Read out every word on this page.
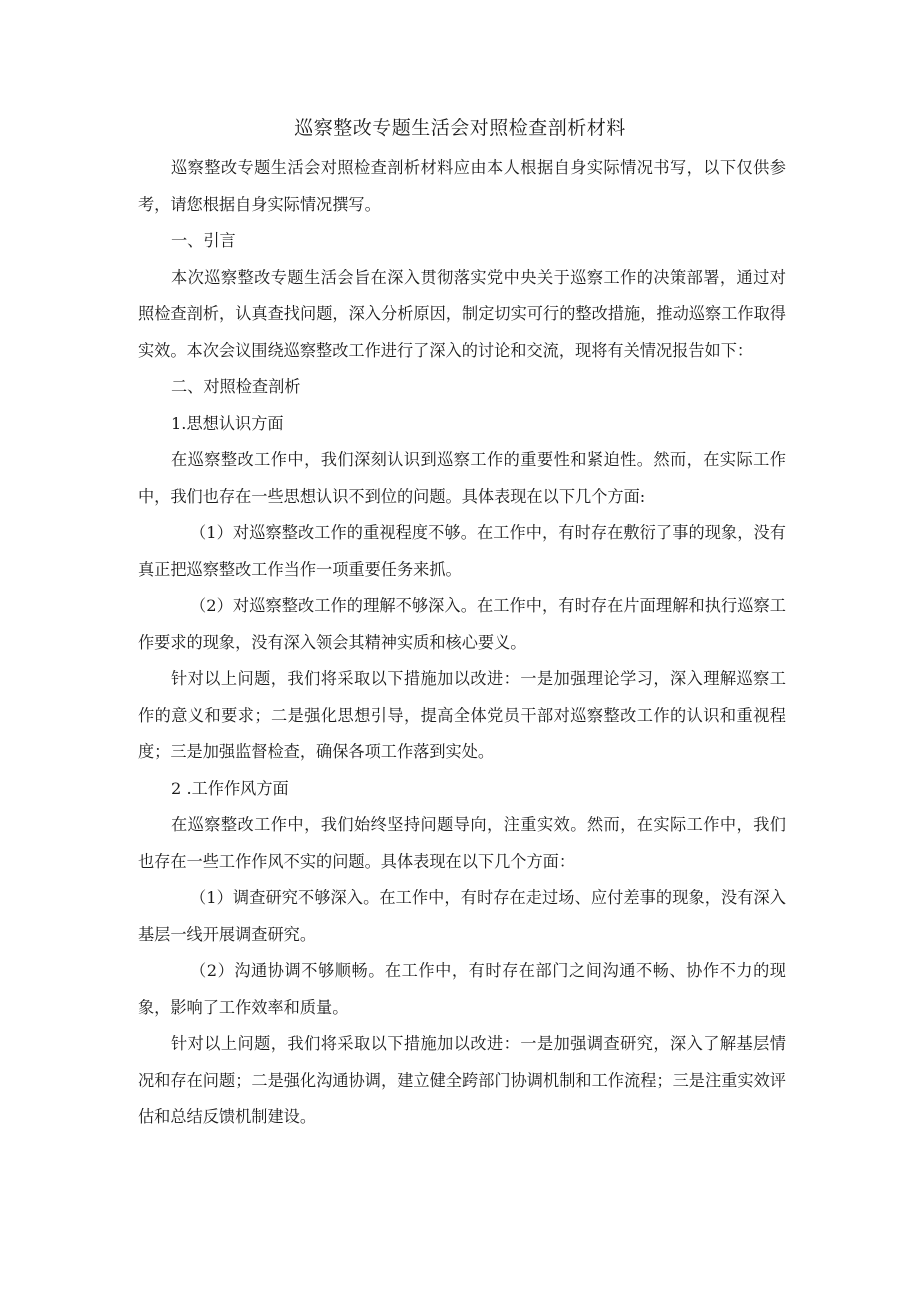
巡察整改专题生活会对照检查剖析材料

巡察整改专题生活会对照检查剖析材料应由本人根据自身实际情况书写，以下仅供参考，请您根据自身实际情况撰写。

一、引言

本次巡察整改专题生活会旨在深入贯彻落实党中央关于巡察工作的决策部署，通过对照检查剖析，认真查找问题，深入分析原因，制定切实可行的整改措施，推动巡察工作取得实效。本次会议围绕巡察整改工作进行了深入的讨论和交流，现将有关情况报告如下：

二、对照检查剖析

1.思想认识方面

在巡察整改工作中，我们深刻认识到巡察工作的重要性和紧迫性。然而，在实际工作中，我们也存在一些思想认识不到位的问题。具体表现在以下几个方面:

（1）对巡察整改工作的重视程度不够。在工作中，有时存在敷衍了事的现象，没有真正把巡察整改工作当作一项重要任务来抓。

（2）对巡察整改工作的理解不够深入。在工作中，有时存在片面理解和执行巡察工作要求的现象，没有深入领会其精神实质和核心要义。

针对以上问题，我们将采取以下措施加以改进：一是加强理论学习，深入理解巡察工作的意义和要求；二是强化思想引导，提高全体党员干部对巡察整改工作的认识和重视程度；三是加强监督检查，确保各项工作落到实处。

2 .工作作风方面

在巡察整改工作中，我们始终坚持问题导向，注重实效。然而，在实际工作中，我们也存在一些工作作风不实的问题。具体表现在以下几个方面：

（1）调查研究不够深入。在工作中，有时存在走过场、应付差事的现象，没有深入基层一线开展调查研究。

（2）沟通协调不够顺畅。在工作中，有时存在部门之间沟通不畅、协作不力的现象，影响了工作效率和质量。

针对以上问题，我们将采取以下措施加以改进：一是加强调查研究，深入了解基层情况和存在问题；二是强化沟通协调，建立健全跨部门协调机制和工作流程；三是注重实效评估和总结反馈机制建设。
